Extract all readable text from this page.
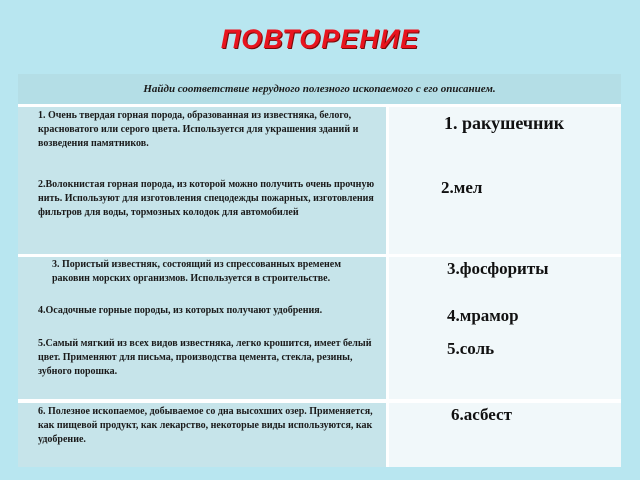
ПОВТОРЕНИЕ
Найди соответствие нерудного полезного ископаемого с его описанием.
1. Очень твердая горная порода, образованная из известняка, белого, красноватого или серого цвета. Используется для украшения зданий и возведения памятников.
1. ракушечник
2.Волокнистая горная порода, из которой можно получить очень прочную нить. Используют для изготовления спецодежды пожарных, изготовления фильтров для воды, тормозных колодок для автомобилей
2.мел
3. Пористый известняк, состоящий из спрессованных временем раковин морских организмов. Используется в строительстве.
3.фосфориты
4.Осадочные горные породы, из которых получают удобрения.	4.мрамор
5.Самый мягкий из всех видов известняка, легко крошится, имеет белый цвет. Применяют для письма, производства цемента, стекла, резины, зубного порошка.
5.соль
6. Полезное ископаемое, добываемое со дна высохших озер. Применяется, как пищевой продукт, как лекарство, некоторые виды используются, как удобрение.
6.асбест
